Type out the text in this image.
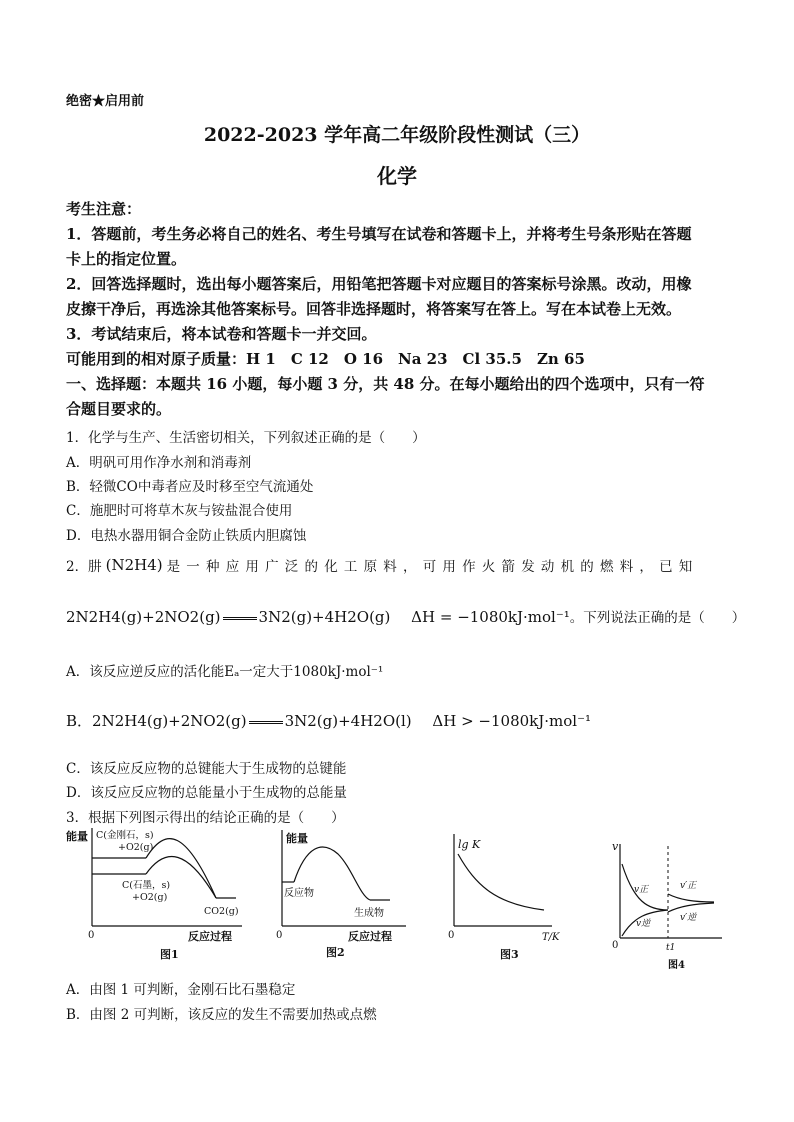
绝密★启用前
2022-2023 学年高二年级阶段性测试（三）
化学
考生注意：
1．答题前，考生务必将自己的姓名、考生号填写在试卷和答题卡上，并将考生号条形贴在答题
卡上的指定位置。
2．回答选择题时，选出每小题答案后，用铅笔把答题卡对应题目的答案标号涂黑。改动，用橡
皮擦干净后，再选涂其他答案标号。回答非选择题时，将答案写在答上。写在本试卷上无效。
3．考试结束后，将本试卷和答题卡一并交回。
可能用到的相对原子质量：H 1　C 12　O 16　Na 23　Cl 35.5　Zn 65
一、选择题：本题共 16 小题，每小题 3 分，共 48 分。在每小题给出的四个选项中，只有一符
合题目要求的。
1．化学与生产、生活密切相关，下列叙述正确的是（　　）
A．明矾可用作净水剂和消毒剂
B．轻微CO中毒者应及时移至空气流通处
C．施肥时可将草木灰与铵盐混合使用
D．电热水器用铜合金防止铁质内胆腐蚀
2．肼 (N2H4) 是一种应用广泛的化工原料，可用作火箭发动机的燃料，已知
2N2H4(g)+2NO2(g)	3N2(g)+4H2O(g) ΔH = −1080kJ·mol⁻¹。下列说法正确的是（　　）
A．该反应逆反应的活化能Eₐ一定大于1080kJ·mol⁻¹
B．2N2H4(g)+2NO2(g)	3N2(g)+4H2O(l) ΔH > −1080kJ·mol⁻¹
C．该反应反应物的总键能大于生成物的总键能
D．该反应反应物的总能量小于生成物的总能量
3．根据下列图示得出的结论正确的是（　　）
能量 C(金刚石，s)
+O2(g)
C(石墨，s)
+O2(g)
CO2(g)
0	反应过程
图1
能量
反应物
生成物
0	反应过程
图2
lg K
0	T/K
图3
v
v正
v逆
v′正
v′逆
0	t1
图4
A．由图 1 可判断，金刚石比石墨稳定
B．由图 2 可判断，该反应的发生不需要加热或点燃
